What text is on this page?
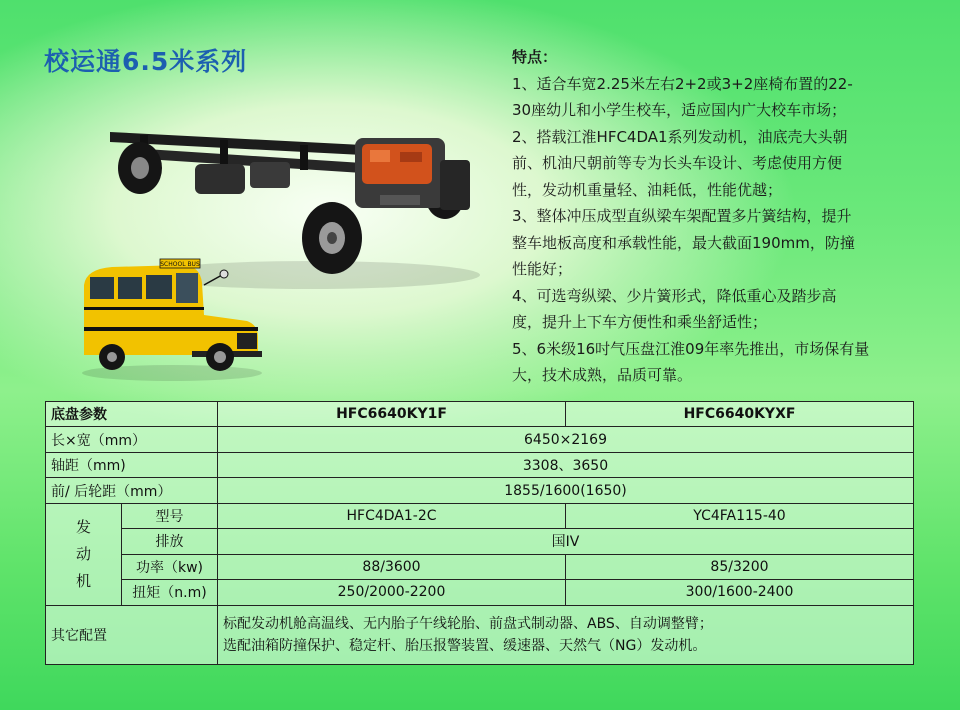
校运通6.5米系列
SCHOOL BUS
特点：
1、适合车宽2.25米左右2+2或3+2座椅布置的22-
30座幼儿和小学生校车，适应国内广大校车市场；
2、搭载江淮HFC4DA1系列发动机，油底壳大头朝
前、机油尺朝前等专为长头车设计、考虑使用方便
性，发动机重量轻、油耗低，性能优越；
3、整体冲压成型直纵梁车架配置多片簧结构，提升
整车地板高度和承载性能，最大截面190mm，防撞
性能好；
4、可选弯纵梁、少片簧形式，降低重心及踏步高
度，提升上下车方便性和乘坐舒适性；
5、6米级16吋气压盘江淮09年率先推出，市场保有量
大，技术成熟，品质可靠。
底盘参数		HFC6640KY1F	HFC6640KYXF
长×宽（mm）		6450×2169	
轴距（mm)		3308、3650	
前/ 后轮距（mm）		1855/1600(1650)	

发
动
机	型号	HFC4DA1-2C	YC4FA115-40
	排放	国IV	
	功率（kw)	88/3600	85/3200
	扭矩（n.m)	250/2000-2200	300/1600-2400
其它配置		标配发动机舱高温线、无内胎子午线轮胎、前盘式制动器、ABS、自动调整臂；
选配油箱防撞保护、稳定杆、胎压报警装置、缓速器、天然气（NG）发动机。	
